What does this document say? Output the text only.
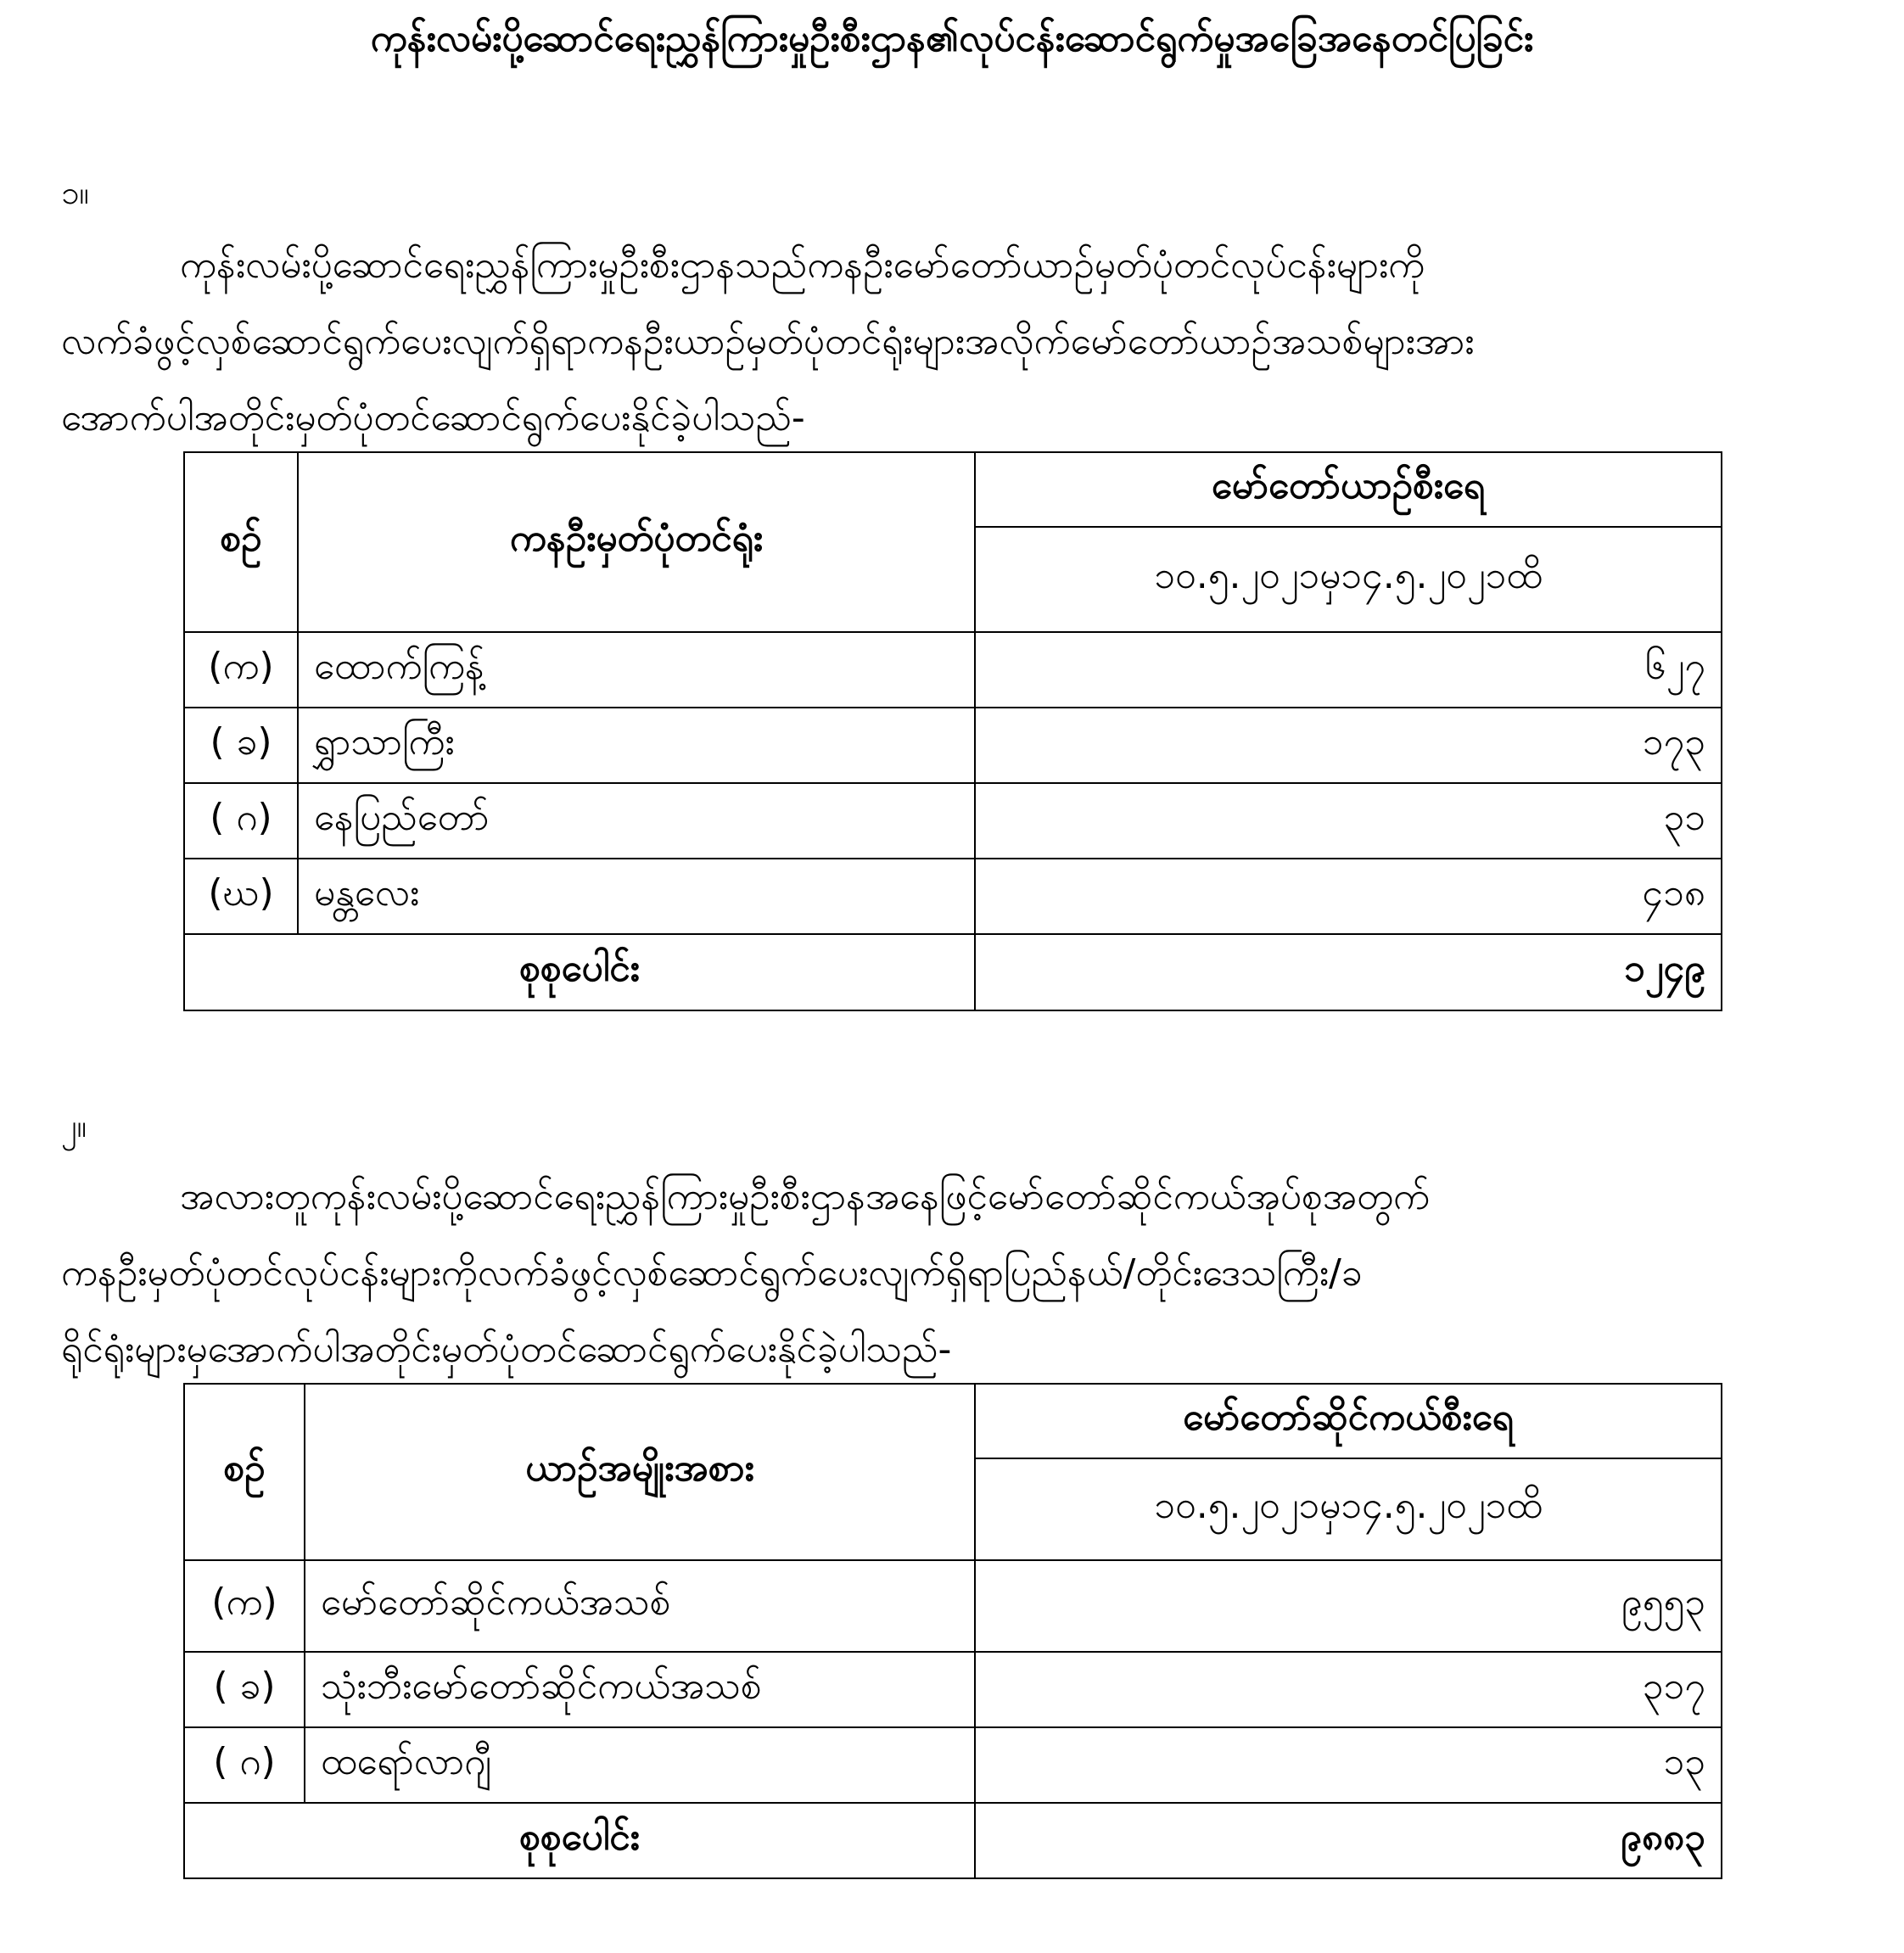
ကုန်းလမ်းပို့ဆောင်ရေးညွှန်ကြားမှုဦးစီးဌာန၏လုပ်ငန်းဆောင်ရွက်မှုအခြေအနေတင်ပြခြင်း
၁။

ကုန်းလမ်းပို့ဆောင်ရေးညွှန်ကြားမှုဦးစီးဌာနသည်ကနဦးမော်တော်ယာဉ်မှတ်ပုံတင်လုပ်ငန်းများကို
လက်ခံဖွင့်လှစ်ဆောင်ရွက်ပေးလျက်ရှိရာကနဦးယာဉ်မှတ်ပုံတင်ရုံးများအလိုက်မော်တော်ယာဉ်အသစ်များအား
အောက်ပါအတိုင်းမှတ်ပုံတင်ဆောင်ရွက်ပေးနိုင်ခဲ့ပါသည်-

စဉ်	ကနဦးမှတ်ပုံတင်ရုံး	မော်တော်ယာဉ်စီးရေ
		၁၀.၅.၂၀၂၁မှ၁၄.၅.၂၀၂၁ထိ
(က)	ထောက်ကြန့်	၆၂၇
( ခ)	ရွှာသာကြီး	၁၇၃
( ဂ)	နေပြည်တော်	၃၁
(ဃ)	မန္တလေး	၄၁၈
စုစုပေါင်း		၁၂၄၉
၂။

အလားတူကုန်းလမ်းပို့ဆောင်ရေးညွှန်ကြားမှုဦးစီးဌာနအနေဖြင့်မော်တော်ဆိုင်ကယ်အုပ်စုအတွက်
ကနဦးမှတ်ပုံတင်လုပ်ငန်းများကိုလက်ခံဖွင့်လှစ်ဆောင်ရွက်ပေးလျက်ရှိရာပြည်နယ်/တိုင်းဒေသကြီး/ခ
ရိုင်ရုံးများမှအောက်ပါအတိုင်းမှတ်ပုံတင်ဆောင်ရွက်ပေးနိုင်ခဲ့ပါသည်-

စဉ်	ယာဉ်အမျိုးအစား	မော်တော်ဆိုင်ကယ်စီးရေ
		၁၀.၅.၂၀၂၁မှ၁၄.၅.၂၀၂၁ထိ
(က)	မော်တော်ဆိုင်ကယ်အသစ်	၉၅၅၃
( ခ)	သုံးဘီးမော်တော်ဆိုင်ကယ်အသစ်	၃၁၇
( ဂ)	ထရော်လာဂျီ	၁၃
စုစုပေါင်း		၉၈၈၃
